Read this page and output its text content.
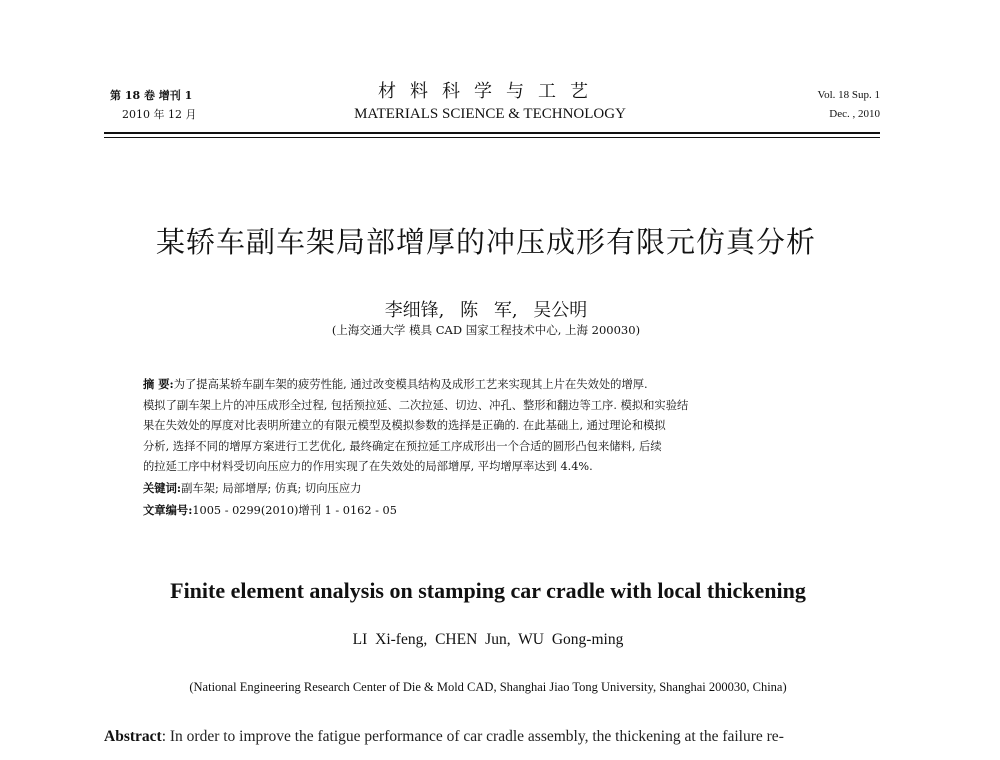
第 18 卷 增刊 1
2010 年 12 月
材料科学与工艺
MATERIALS SCIENCE & TECHNOLOGY
Vol. 18 Sup. 1
Dec. , 2010
某轿车副车架局部增厚的冲压成形有限元仿真分析
李细锋, 陈 军, 吴公明
(上海交通大学 模具 CAD 国家工程技术中心, 上海 200030)
摘 要:为了提高某轿车副车架的疲劳性能, 通过改变模具结构及成形工艺来实现其上片在失效处的增厚.
模拟了副车架上片的冲压成形全过程, 包括预拉延、二次拉延、切边、冲孔、整形和翻边等工序. 模拟和实验结
果在失效处的厚度对比表明所建立的有限元模型及模拟参数的选择是正确的. 在此基础上, 通过理论和模拟
分析, 选择不同的增厚方案进行工艺优化, 最终确定在预拉延工序成形出一个合适的圆形凸包来储料, 后续
的拉延工序中材料受切向压应力的作用实现了在失效处的局部增厚, 平均增厚率达到 4.4%.
关键词:副车架; 局部增厚; 仿真; 切向压应力
文章编号:1005 - 0299(2010)增刊 1 - 0162 - 05
Finite element analysis on stamping car cradle with local thickening
LI Xi-feng, CHEN Jun, WU Gong-ming
(National Engineering Research Center of Die & Mold CAD, Shanghai Jiao Tong University, Shanghai 200030, China)
Abstract: In order to improve the fatigue performance of car cradle assembly, the thickening at the failure re-
